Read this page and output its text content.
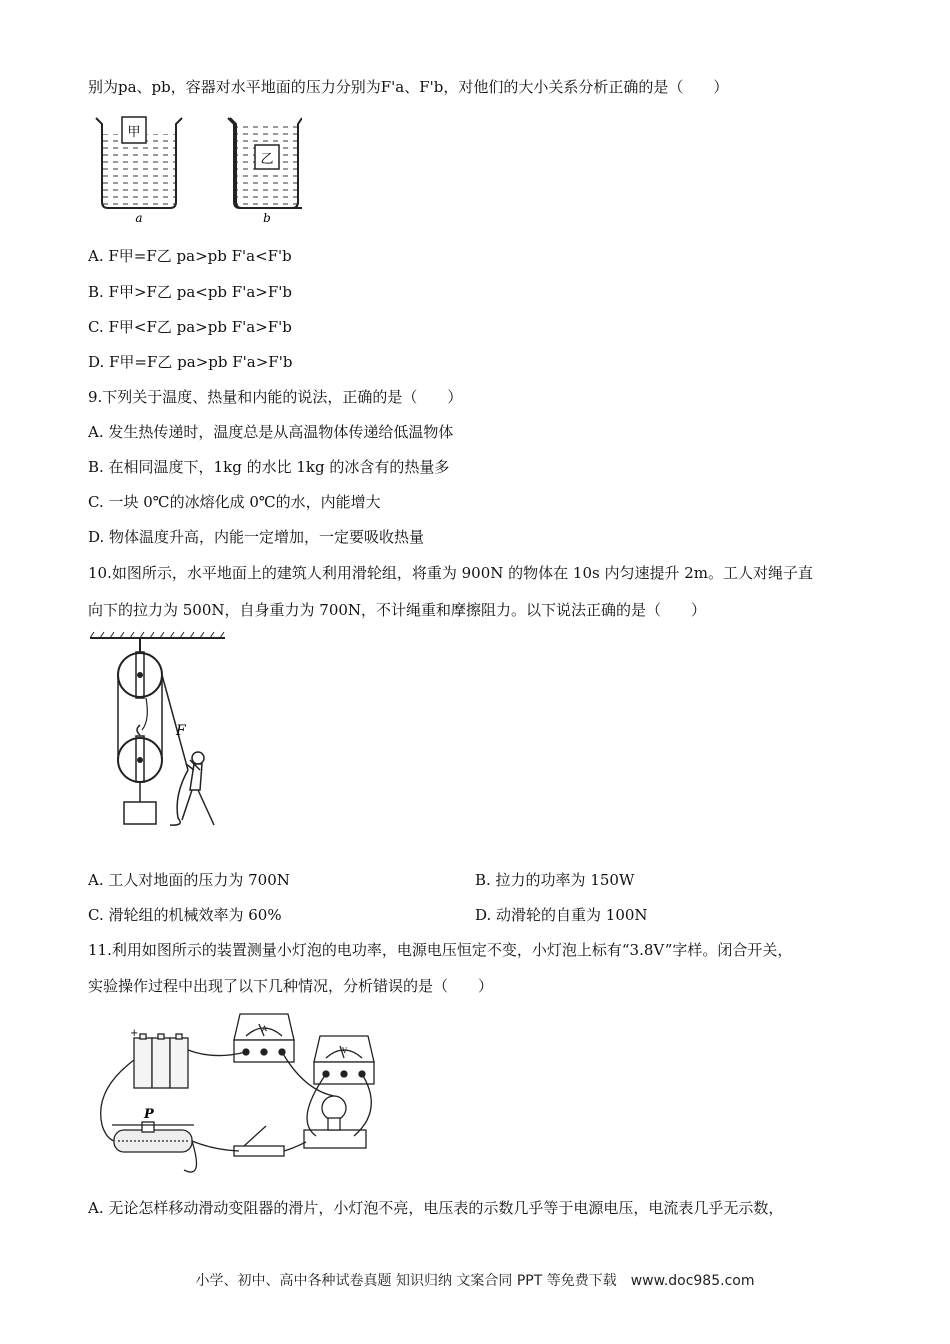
别为pa、pb，容器对水平地面的压力分别为F'a、F'b，对他们的大小关系分析正确的是（　　）
甲
a
乙
b
A. F甲=F乙 pa>pb F'a<F'b
B. F甲>F乙 pa<pb F'a>F'b
C. F甲<F乙 pa>pb F'a>F'b
D. F甲=F乙 pa>pb F'a>F'b
9.下列关于温度、热量和内能的说法，正确的是（　　）
A. 发生热传递时，温度总是从高温物体传递给低温物体
B. 在相同温度下，1kg 的水比 1kg 的冰含有的热量多
C. 一块 0℃的冰熔化成 0℃的水，内能增大
D. 物体温度升高，内能一定增加，一定要吸收热量
10.如图所示，水平地面上的建筑人利用滑轮组，将重为 900N 的物体在 10s 内匀速提升 2m。工人对绳子直
向下的拉力为 500N，自身重力为 700N，不计绳重和摩擦阻力。以下说法正确的是（　　）
F
A. 工人对地面的压力为 700N	B. 拉力的功率为 150W
C. 滑轮组的机械效率为 60%	D. 动滑轮的自重为 100N
11.利用如图所示的装置测量小灯泡的电功率，电源电压恒定不变，小灯泡上标有“3.8V”字样。闭合开关，
实验操作过程中出现了以下几种情况，分析错误的是（　　）
+	A
V
P
A. 无论怎样移动滑动变阻器的滑片，小灯泡不亮，电压表的示数几乎等于电源电压，电流表几乎无示数，
小学、初中、高中各种试卷真题 知识归纳 文案合同 PPT 等免费下载　www.doc985.com
